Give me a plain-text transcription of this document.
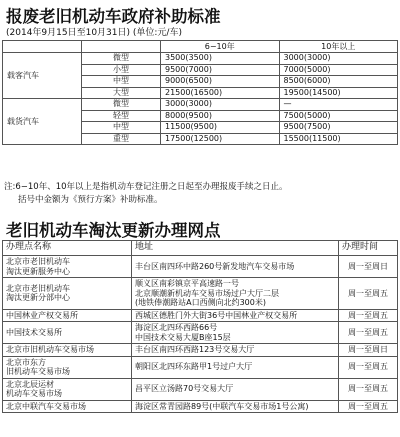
报废老旧机动车政府补助标准
(2014年9月15日至10月31日) (单位:元/车)
		6−10年	10年以上
载客汽车	微型	3500(3500)	3000(3000)
	小型	9500(7000)	7000(5000)
	中型	9000(6500)	8500(6000)
	大型	21500(16500)	19500(14500)
载货汽车	微型	3000(3000)	—
	轻型	8000(9500)	7500(5000)
	中型	11500(9500)	9500(7500)
	重型	17500(12500)	15500(11500)
注:6−10年、10年以上是指机动车登记注册之日起至办理报废手续之日止。
括号中金额为《预行方案》补助标准。
老旧机动车淘汰更新办理网点
办理点名称	地址	办理时间
北京市老旧机动车
淘汰更新服务中心	丰台区南四环中路260号新发地汽车交易市场	周一至周日
北京市老旧机动车
淘汰更新分部中心	顺义区南彩镇京平高速路一号
北京顺潮新机动车交易市场过户大厅二层
(地铁俸潮路站A口西侧向北约300米)	周一至周五
中国林业产权交易所	西城区德胜门外大街36号中国林业产权交易所	周一至周五
中国技术交易所	海淀区北四环西路66号
中国技术交易大厦B座15层	周一至周五
北京市旧机动车交易市场	丰台区南四环西路123号交易大厅	周一至周日
北京市东方
旧机动车交易市场	朝阳区北四环东路甲1号过户大厅	周一至周五
北京北辰运材
机动车交易市场	昌平区立汤路70号交易大厅	周一至周五
北京中联汽车交易市场	海淀区常青园路89号(中联汽车交易市场1号公寓)	周一至周五
